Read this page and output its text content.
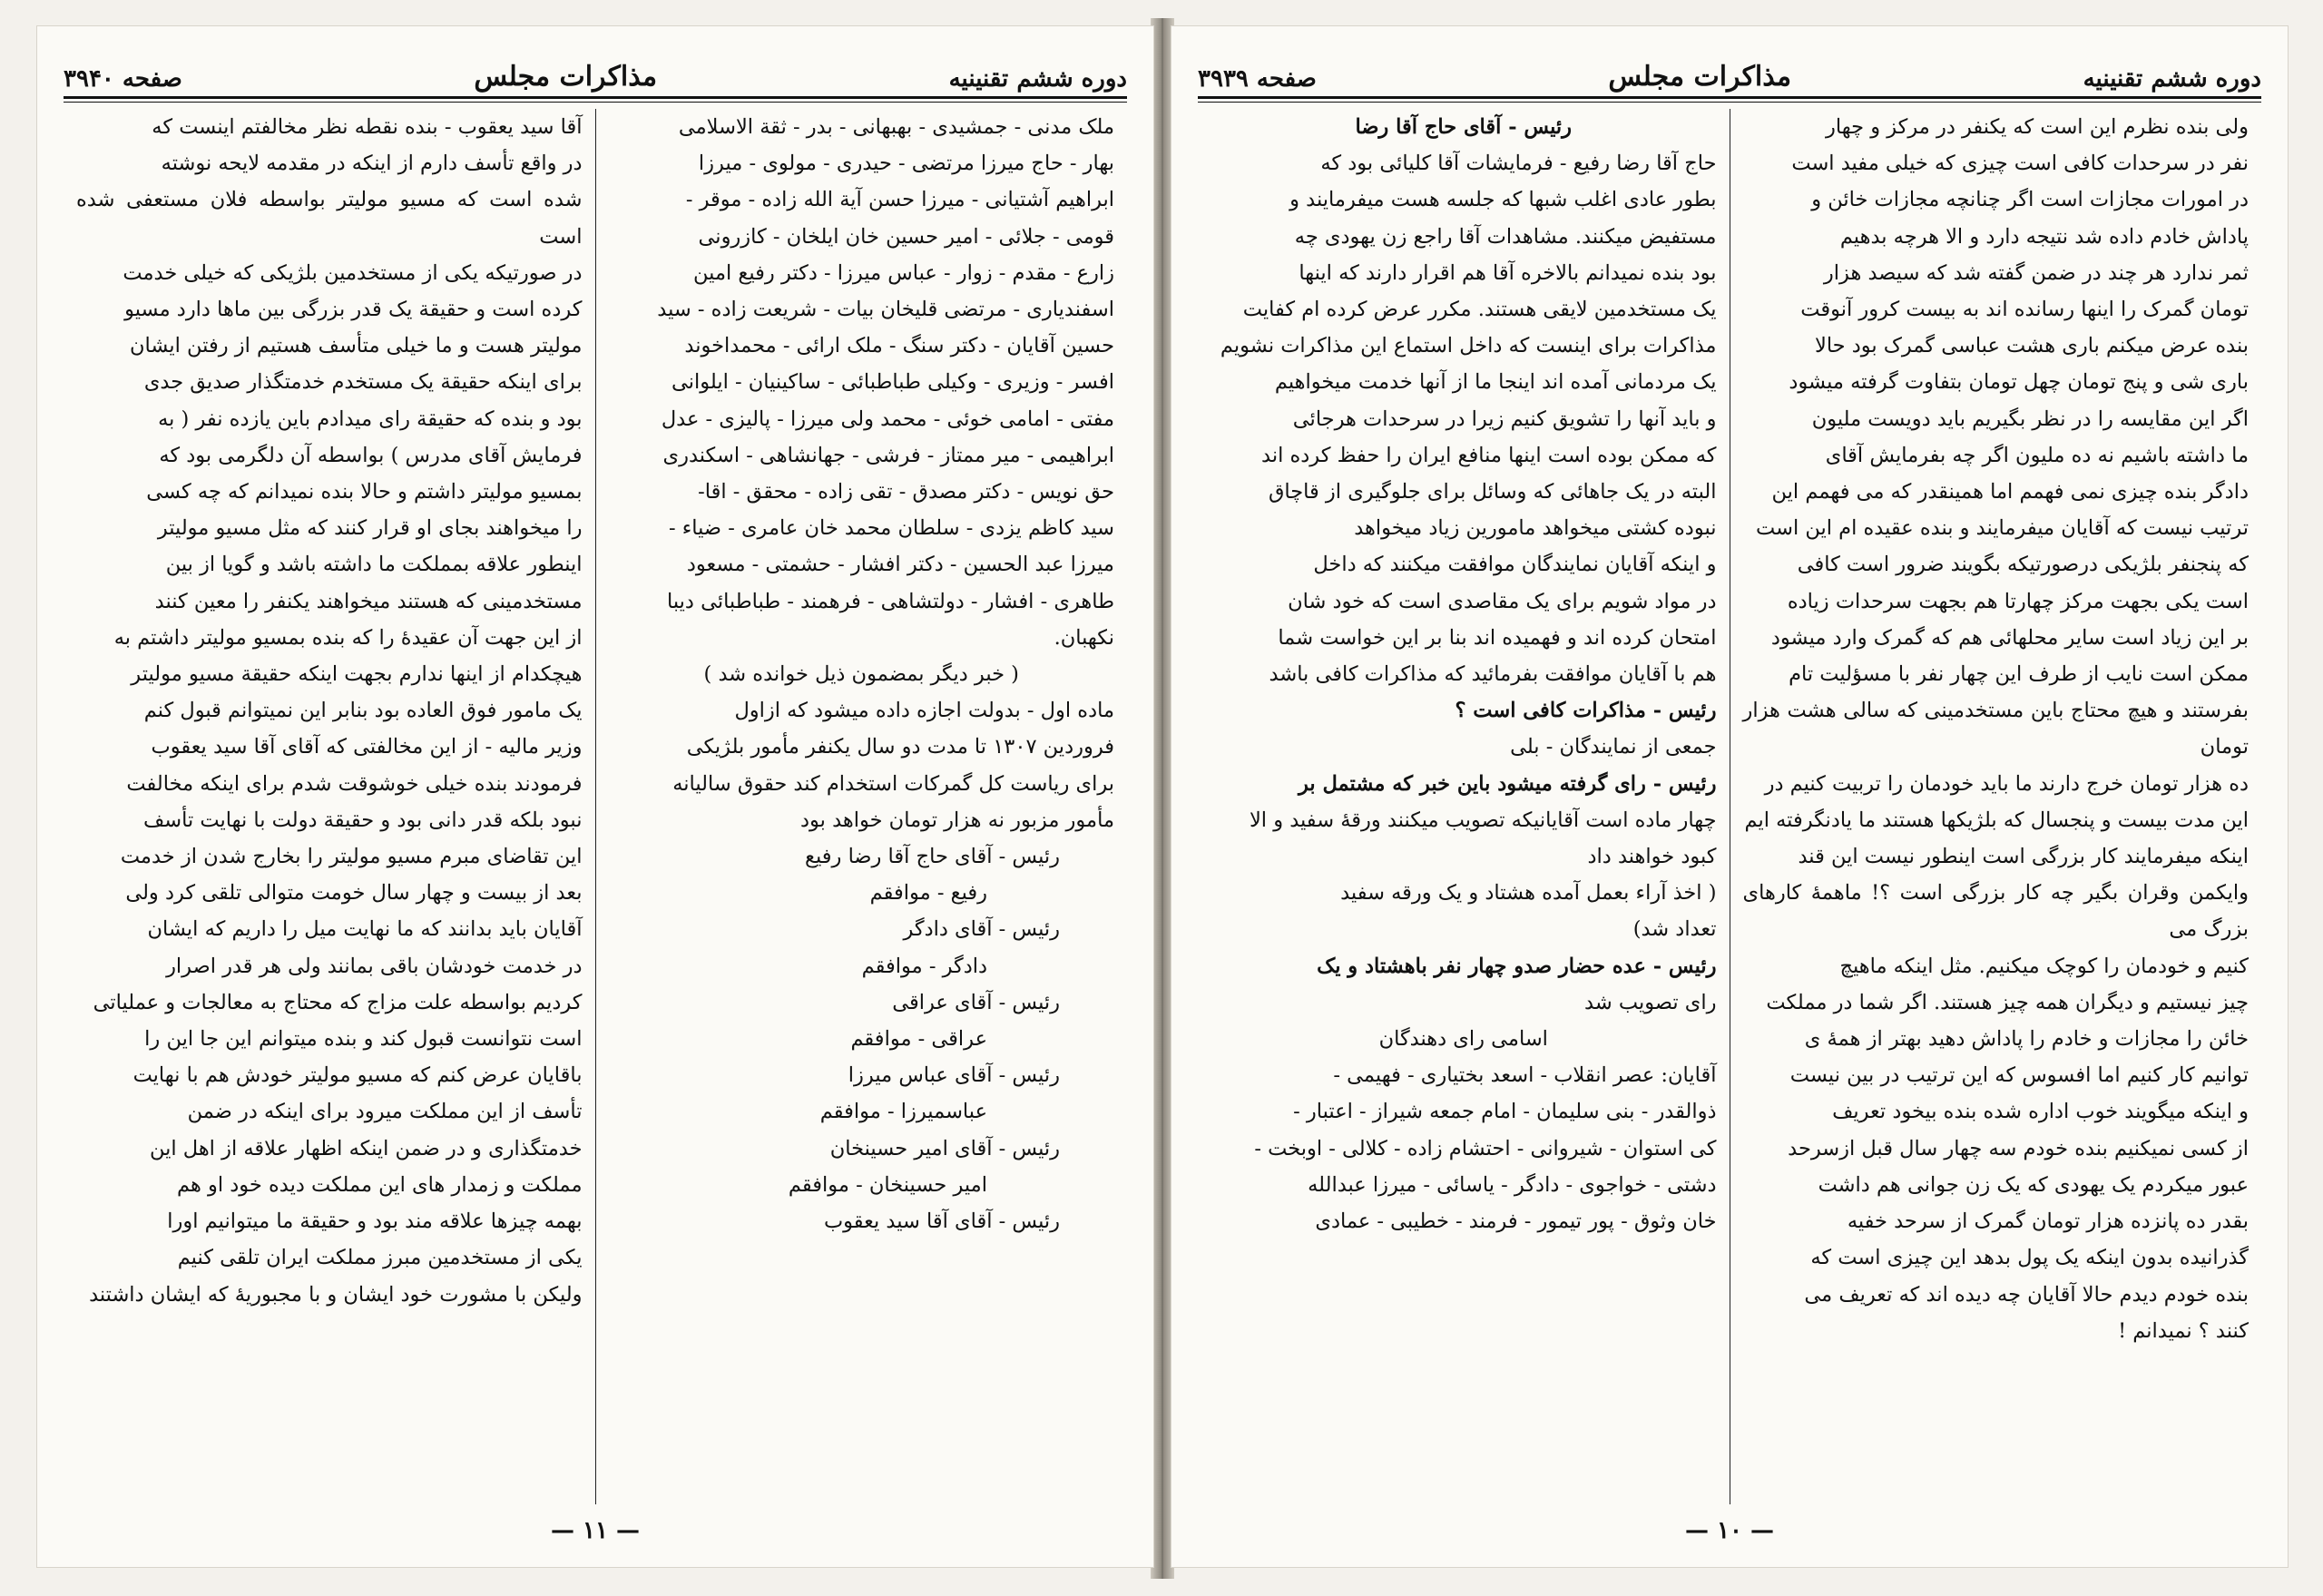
دوره ششم تقنینیه
مذاکرات مجلس
صفحه ۳۹۴۰

ملک مدنی - جمشیدی - بهبهانی - بدر - ثقة الاسلامی

بهار - حاج میرزا مرتضی - حیدری - مولوی - میرزا

ابراهیم آشتیانی - میرزا حسن آیة الله زاده - موقر -

قومی - جلائی - امیر حسین خان ایلخان - کازرونی

زارع - مقدم - زوار - عباس میرزا - دکتر رفیع امین

اسفندیاری - مرتضی قلیخان بیات - شریعت زاده - سید

حسین آقایان - دکتر سنگ - ملک ارائی - محمداخوند

افسر - وزیری - وکیلی طباطبائی - ساکینیان - ایلوانی

مفتی - امامی خوئی - محمد ولی میرزا - پالیزی - عدل

ابراهیمی - میر ممتاز - فرشی - جهانشاهی - اسکندری

حق نویس - دکتر مصدق - تقی زاده - محقق - اقا-

سید کاظم یزدی - سلطان محمد خان عامری - ضیاء -

میرزا عبد الحسین - دکتر افشار - حشمتی - مسعود

طاهری - افشار - دولتشاهی - فرهمند - طباطبائی دیبا

نکهبان.

( خبر دیگر بمضمون ذیل خوانده شد )

ماده اول - بدولت اجازه داده میشود که ازاول

فروردین ۱۳۰۷ تا مدت دو سال یکنفر مأمور بلژیکی

برای ریاست کل گمرکات استخدام کند حقوق سالیانه

مأمور مزبور نه هزار تومان خواهد بود

رئیس - آقای حاج آقا رضا رفیع

رفیع - موافقم

رئیس - آقای دادگر

دادگر - موافقم

رئیس - آقای عراقی

عراقی - موافقم

رئیس - آقای عباس میرزا

عباسمیرزا - موافقم

رئیس - آقای امیر حسینخان

امیر حسینخان - موافقم

رئیس - آقای آقا سید یعقوب

آقا سید یعقوب - بنده نقطه نظر مخالفتم اینست که

در واقع تأسف دارم از اینکه در مقدمه لایحه نوشته

شده است که مسیو مولیتر بواسطه فلان مستعفی شده است

در صورتیکه یکی از مستخدمین بلژیکی که خیلی خدمت

کرده است و حقیقة یک قدر بزرگی بین ماها دارد مسیو

مولیتر هست و ما خیلی متأسف هستیم از رفتن ایشان

برای اینکه حقیقة یک مستخدم خدمتگذار صدیق جدی

بود و بنده که حقیقة رای میدادم باین یازده نفر ( به

فرمایش آقای مدرس ) بواسطه آن دلگرمی بود که

بمسیو مولیتر داشتم و حالا بنده نمیدانم که چه کسی

را میخواهند بجای او قرار کنند که مثل مسیو مولیتر

اینطور علاقه بمملکت ما داشته باشد و گویا از بین

مستخدمینی که هستند میخواهند یکنفر را معین کنند

از این جهت آن عقیدهٔ را که بنده بمسیو مولیتر داشتم به

هیچکدام از اینها ندارم بجهت اینکه حقیقة مسیو مولیتر

یک مامور فوق العاده بود بنابر این نمیتوانم قبول کنم

وزیر مالیه - از این مخالفتی که آقای آقا سید یعقوب

فرمودند بنده خیلی خوشوقت شدم برای اینکه مخالفت

نبود بلکه قدر دانی بود و حقیقة دولت با نهایت تأسف

این تقاضای مبرم مسیو مولیتر را بخارج شدن از خدمت

بعد از بیست و چهار سال خومت متوالی تلقی کرد ولی

آقایان باید بدانند که ما نهایت میل را داریم که ایشان

در خدمت خودشان باقی بمانند ولی هر قدر اصرار

کردیم بواسطه علت مزاج که محتاج به معالجات و عملیاتی

است نتوانست قبول کند و بنده میتوانم این جا این را

باقایان عرض کنم که مسیو مولیتر خودش هم با نهایت

تأسف از این مملکت میرود برای اینکه در ضمن

خدمتگذاری و در ضمن اینکه اظهار علاقه از اهل این

مملکت و زمدار های این مملکت دیده خود او هم

بهمه چیزها علاقه مند بود و حقیقة ما میتوانیم اورا

یکی از مستخدمین مبرز مملکت ایران تلقی کنیم

ولیکن با مشورت خود ایشان و با مجبوریهٔ که ایشان داشتند

— ۱۱ —
دوره ششم تقنینیه
مذاکرات مجلس
صفحه ۳۹۳۹

ولی بنده نظرم این است که یکنفر در مرکز و چهار

نفر در سرحدات کافی است چیزی که خیلی مفید است

در امورات مجازات است اگر چنانچه مجازات خائن و

پاداش خادم داده شد نتیجه دارد و الا هرچه بدهیم

ثمر ندارد هر چند در ضمن گفته شد که سیصد هزار

تومان گمرک را اینها رسانده اند به بیست کرور آنوقت

بنده عرض میکنم باری هشت عباسی گمرک بود حالا

باری شی و پنج تومان چهل تومان بتفاوت گرفته میشود

اگر این مقایسه را در نظر بگیریم باید دویست ملیون

ما داشته باشیم نه ده ملیون اگر چه بفرمایش آقای

دادگر بنده چیزی نمی فهمم اما همینقدر که می فهمم این

ترتیب نیست که آقایان میفرمایند و بنده عقیده ام این است

که پنجنفر بلژیکی درصورتیکه بگویند ضرور است کافی

است یکی بجهت مرکز چهارتا هم بجهت سرحدات زیاده

بر این زیاد است سایر محلهائی هم که گمرک وارد میشود

ممکن است نایب از طرف این چهار نفر با مسؤلیت تام

بفرستند و هیچ محتاج باین مستخدمینی که سالی هشت هزار تومان

ده هزار تومان خرج دارند ما باید خودمان را تربیت کنیم در

این مدت بیست و پنجسال که بلژیکها هستند ما یادنگرفته ایم

اینکه میفرمایند کار بزرگی است اینطور نیست این قند

وایکمن وقران بگیر چه کار بزرگی است ؟! ماهمهٔ کارهای بزرگ می

کنیم و خودمان را کوچک میکنیم. مثل اینکه ماهیچ

چیز نیستیم و دیگران همه چیز هستند. اگر شما در مملکت

خائن را مجازات و خادم را پاداش دهید بهتر از همهٔ ی

توانیم کار کنیم اما افسوس که این ترتیب در بین نیست

و اینکه میگویند خوب اداره شده بنده بیخود تعریف

از کسی نمیکنیم بنده خودم سه چهار سال قبل ازسرحد

عبور میکردم یک یهودی که یک زن جوانی هم داشت

بقدر ده پانزده هزار تومان گمرک از سرحد خفیه

گذرانیده بدون اینکه یک پول بدهد این چیزی است که

بنده خودم دیدم حالا آقایان چه دیده اند که تعریف می

کنند ؟ نمیدانم !

رئیس - آقای حاج آقا رضا

حاج آقا رضا رفیع - فرمایشات آقا کلیائی بود که

بطور عادی اغلب شبها که جلسه هست میفرمایند و

مستفیض میکنند. مشاهدات آقا راجع زن یهودی چه

بود بنده نمیدانم بالاخره آقا هم اقرار دارند که اینها

یک مستخدمین لایقی هستند. مکرر عرض کرده ام کفایت

مذاکرات برای اینست که داخل استماع این مذاکرات نشویم

یک مردمانی آمده اند اینجا ما از آنها خدمت میخواهیم

و باید آنها را تشویق کنیم زیرا در سرحدات هرجائی

که ممکن بوده است اینها منافع ایران را حفظ کرده اند

البته در یک جاهائی که وسائل برای جلوگیری از قاچاق

نبوده کشتی میخواهد مامورین زیاد میخواهد

و اینکه آقایان نمایندگان موافقت میکنند که داخل

در مواد شویم برای یک مقاصدی است که خود شان

امتحان کرده اند و فهمیده اند بنا بر این خواست شما

هم با آقایان موافقت بفرمائید که مذاکرات کافی باشد

رئیس - مذاکرات کافی است ؟

جمعی از نمایندگان - بلی

رئیس - رای گرفته میشود باین خبر که مشتمل بر

چهار ماده است آقایانیکه تصویب میکنند ورقهٔ سفید و الا

کبود خواهند داد

( اخذ آراء بعمل آمده هشتاد و یک ورقه سفید

تعداد شد)

رئیس - عده حضار صدو چهار نفر باهشتاد و یک

رای تصویب شد

اسامی رای دهندگان

آقایان: عصر انقلاب - اسعد بختیاری - فهیمی -

ذوالقدر - بنی سلیمان - امام جمعه شیراز - اعتبار -

کی استوان - شیروانی - احتشام زاده - کلالی - اوبخت -

دشتی - خواجوی - دادگر - یاسائی - میرزا عبدالله

خان وثوق - پور تیمور - فرمند - خطیبی - عمادی

— ۱۰ —
